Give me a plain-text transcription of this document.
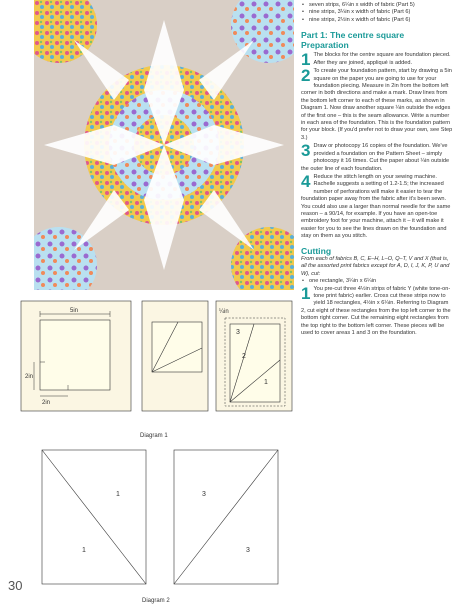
• seven strips, 6¼in x width of fabric (Part 5)
• nine strips, 3¼in x width of fabric (Part 6)
• nine strips, 2½in x width of fabric (Part 6)
Part 1: The centre square Preparation
1 The blocks for the centre square are foundation pieced. After they are joined, appliqué is added.

2 To create your foundation pattern, start by drawing a 5in square on the paper you are going to use for your foundation piecing. Measure in 2in from the bottom left corner in both directions and make a mark. Draw lines from the bottom left corner to each of these marks, as shown in Diagram 1. Now draw another square ¼in outside the edges of the first one – this is the seam allowance. Write a number in each area of the foundation. This is the foundation pattern for your block. (If you'd prefer not to draw your own, see Step 3.)

3 Draw or photocopy 16 copies of the foundation. We've provided a foundation on the Pattern Sheet – simply photocopy it 16 times. Cut the paper about ¼in outside the outer line of each foundation.

4 Reduce the stitch length on your sewing machine. Rachelle suggests a setting of 1.2-1.5; the increased number of perforations will make it easier to tear the foundation paper away from the fabric after it's been sewn. You could also use a larger than normal needle for the same reason – a 90/14, for example. If you have an open-toe embroidery foot for your machine, attach it – it will make it easier for you to see the lines drawn on the foundation and stay on them as you stitch.

Cutting

From each of fabrics B, C, E–H, L–O, Q–T, V and X (that is, all the assorted print fabrics except for A, D, I, J, K, P, U and W), cut:

• one rectangle, 3¼in x 6¼in
1 You pre-cut three 4½in strips of fabric Y (white tone-on-tone print fabric) earlier. Cross cut these strips now to yield 18 rectangles, 4½in x 6¼in. Referring to Diagram 2, cut eight of these rectangles from the top left corner to the bottom right corner. Cut the remaining eight rectangles from the top right to the bottom left corner. These pieces will be used to cover areas 1 and 3 on the foundation.

5in
2in
2in
¼in
3
2
1
Diagram 1
1
1
3
3
Diagram 2
30
